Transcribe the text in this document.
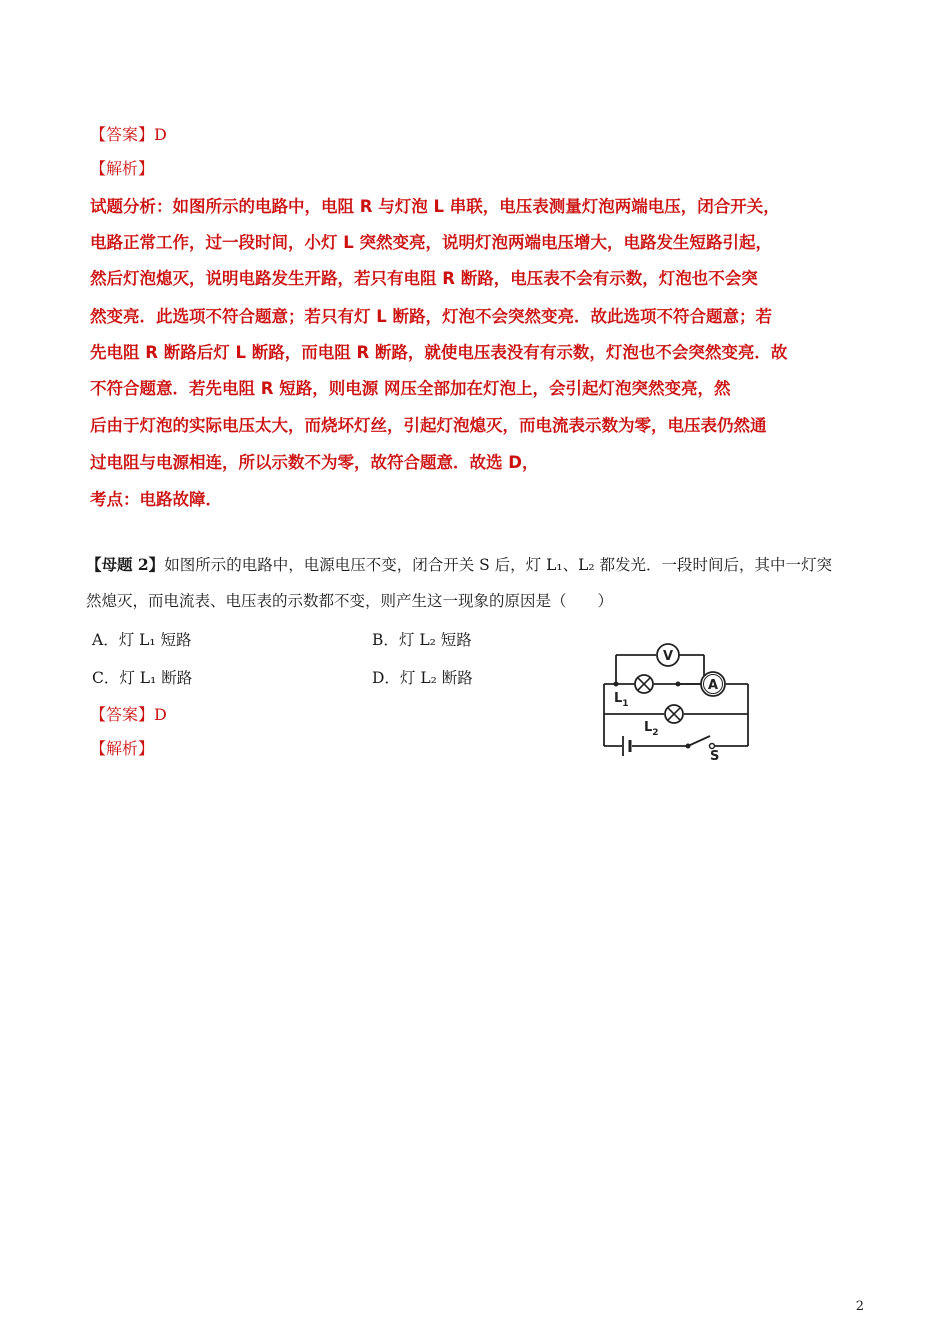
【答案】D
【解析】
试题分析：如图所示的电路中，电阻 R 与灯泡 L 串联，电压表测量灯泡两端电压，闭合开关，
电路正常工作，过一段时间，小灯 L 突然变亮，说明灯泡两端电压增大，电路发生短路引起，
然后灯泡熄灭，说明电路发生开路，若只有电阻 R 断路，电压表不会有示数，灯泡也不会突
然变亮．此选项不符合题意；若只有灯 L 断路，灯泡不会突然变亮．故此选项不符合题意；若
先电阻 R 断路后灯 L 断路，而电阻 R 断路，就使电压表没有有示数，灯泡也不会突然变亮．故
不符合题意．若先电阻 R 短路，则电源 网压全部加在灯泡上，会引起灯泡突然变亮，然
后由于灯泡的实际电压太大，而烧坏灯丝，引起灯泡熄灭，而电流表示数为零，电压表仍然通
过电阻与电源相连，所以示数不为零，故符合题意．故选 D，
考点：电路故障．
【母题 2】如图所示的电路中，电源电压不变，闭合开关 S 后，灯 L₁、L₂ 都发光．一段时间后，其中一灯突
然熄灭，而电流表、电压表的示数都不变，则产生这一现象的原因是（　　）
A．灯 L₁ 短路	B．灯 L₂ 短路
C．灯 L₁ 断路	D．灯 L₂ 断路
【答案】D
【解析】
V
$L_1$
A
$L_2$
S
2
